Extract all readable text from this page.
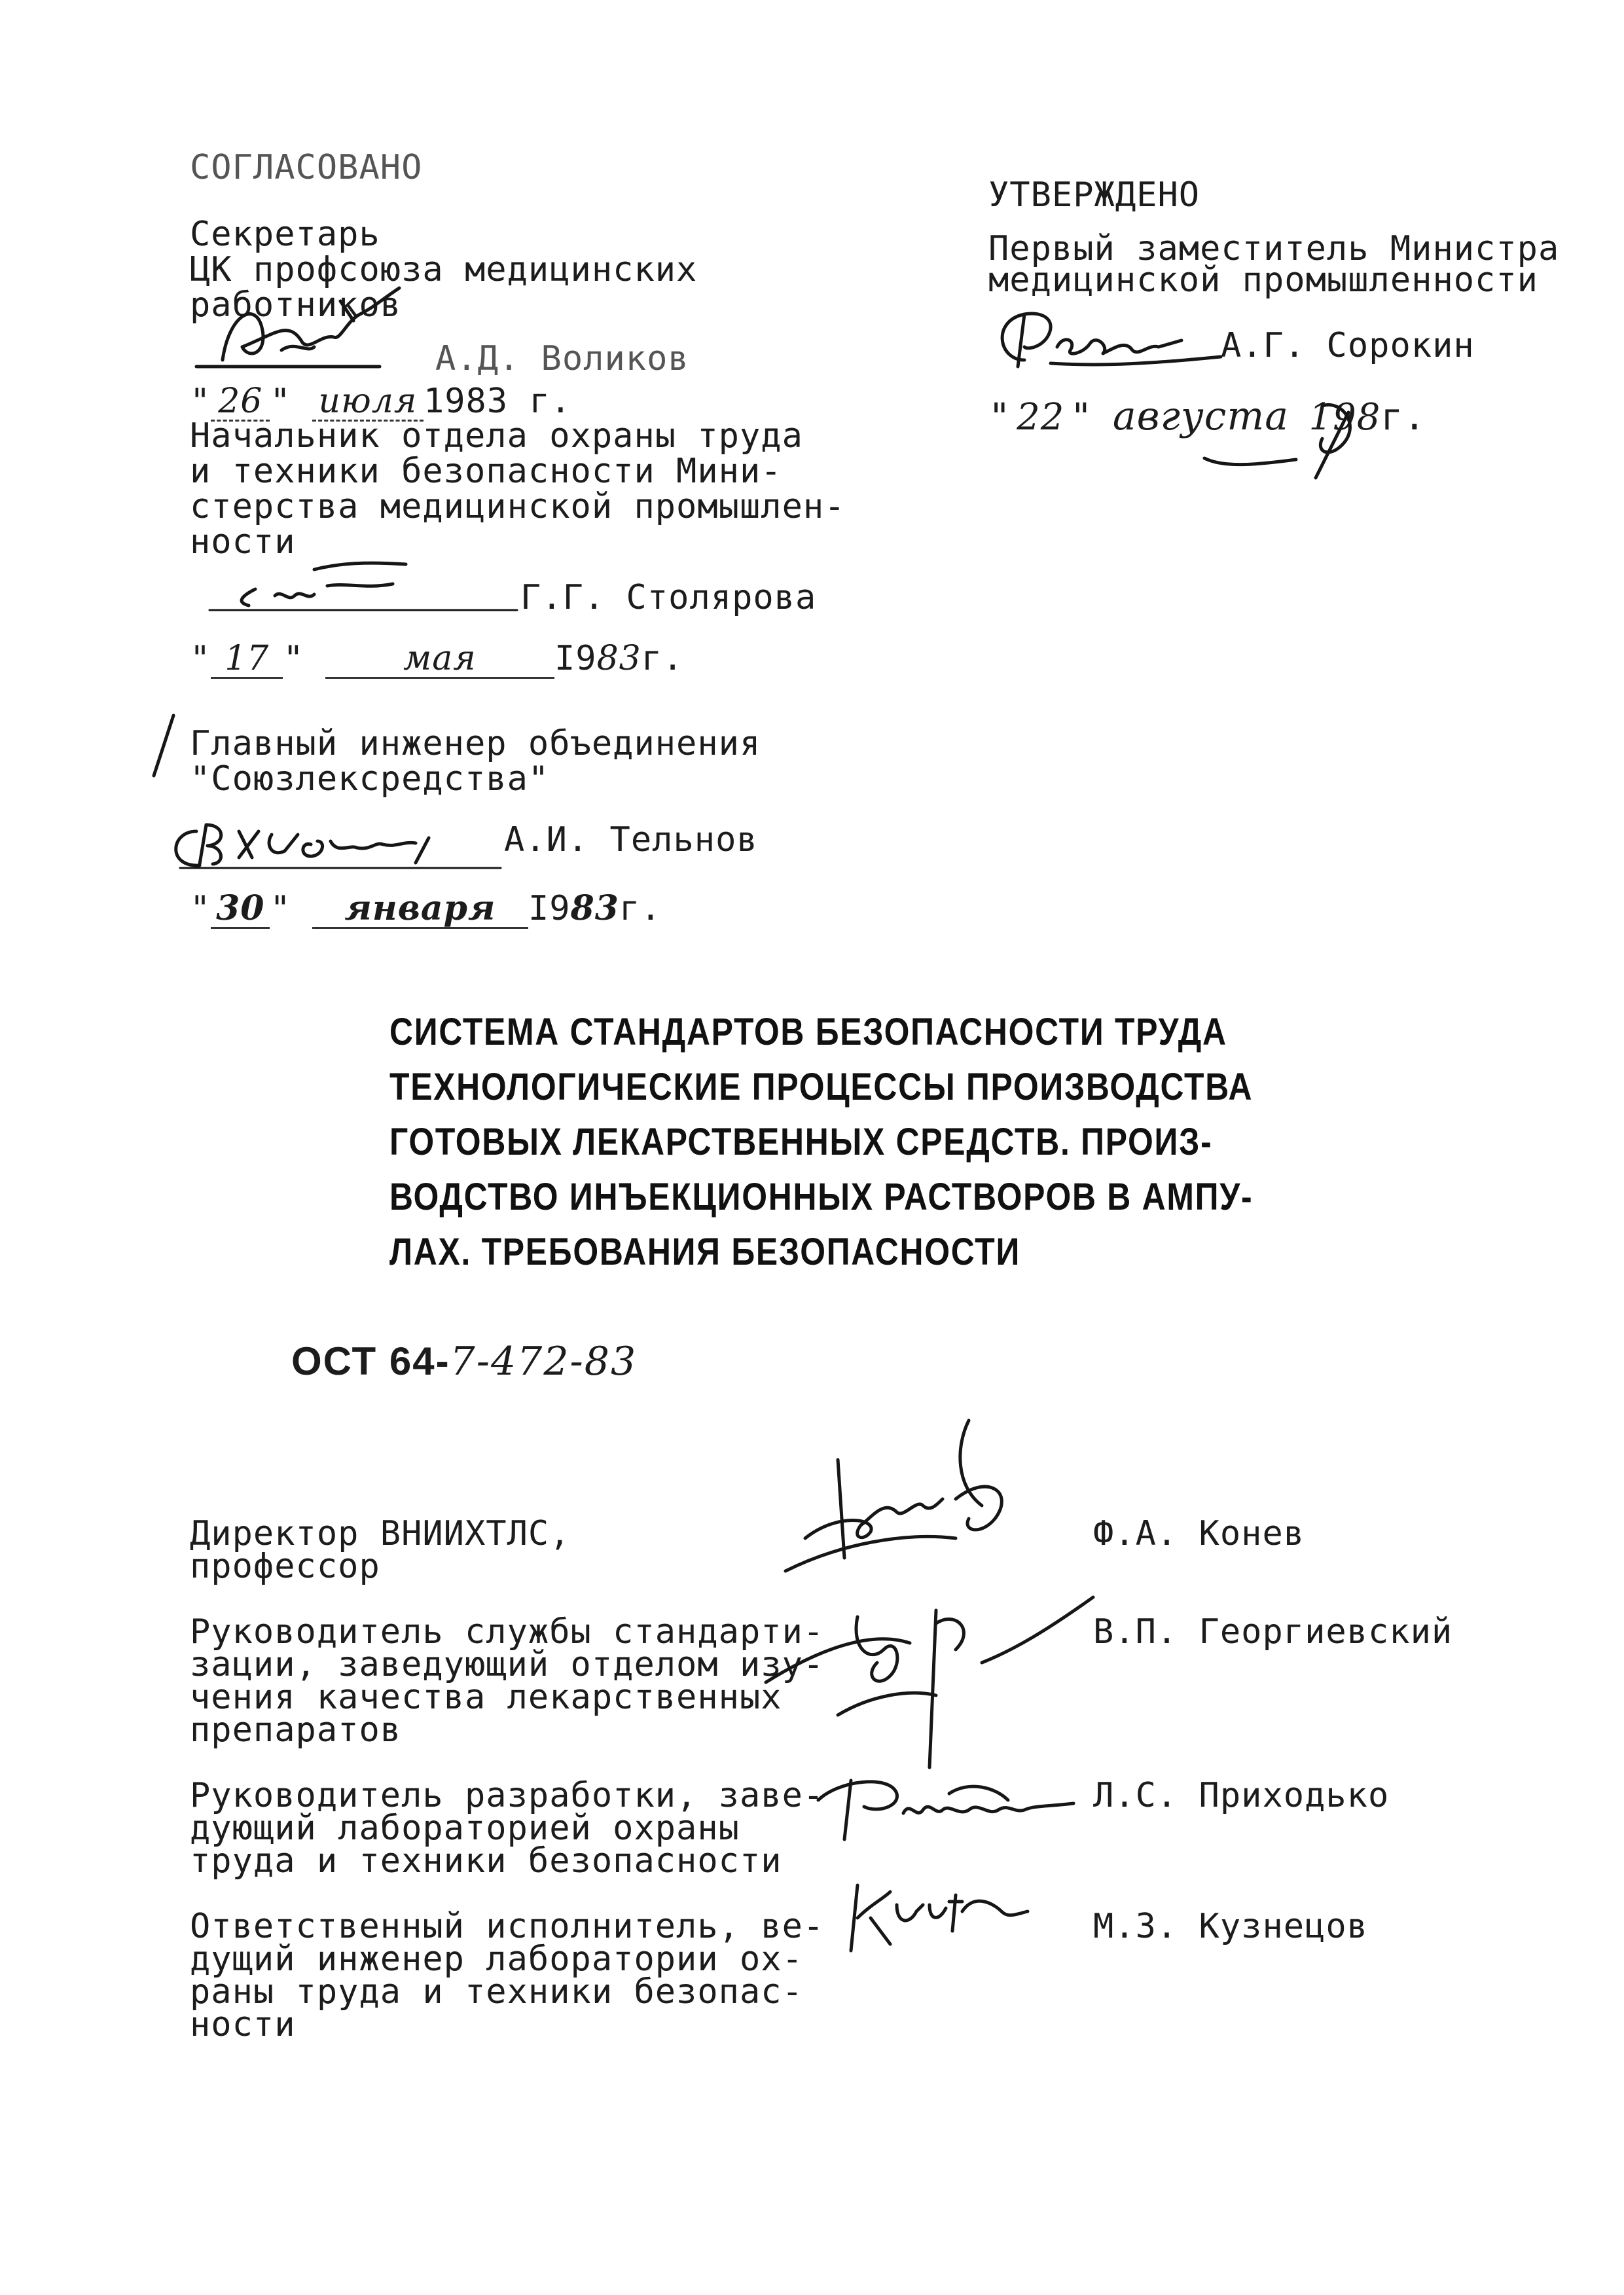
СОГЛАСОВАНО
Секретарь
ЦК профсоюза медицинских
работников
А.Д. Воликов
" 26 " июля 1983 г.
Начальник отдела охраны труда
и техники безопасности Мини-
стерства медицинской промышлен-
ности
Г.Г. Столярова
" 17 "	мая I983г.
Главный инженер объединения
"Союзлексредства"
А.И. Тельнов
" 30 " января I983г.
УТВЕРЖДЕНО
Первый заместитель Министра
медицинской промышленности
А.Г. Сорокин
" 22 " августа 198г.
СИСТЕМА СТАНДАРТОВ БЕЗОПАСНОСТИ ТРУДА
ТЕХНОЛОГИЧЕСКИЕ ПРОЦЕССЫ ПРОИЗВОДСТВА
ГОТОВЫХ ЛЕКАРСТВЕННЫХ СРЕДСТВ. ПРОИЗ-
ВОДСТВО ИНЪЕКЦИОННЫХ РАСТВОРОВ В АМПУ-
ЛАХ. ТРЕБОВАНИЯ БЕЗОПАСНОСТИ
ОСТ 64-7-472-83
Директор ВНИИХТЛС,
профессор
Ф.А. Конев
Руководитель службы стандарти-
зации, заведующий отделом изу-
чения качества лекарственных
препаратов
В.П. Георгиевский
Руководитель разработки, заве-
дующий лабораторией охраны
труда и техники безопасности
Л.С. Приходько
Ответственный исполнитель, ве-
дущий инженер лаборатории ох-
раны труда и техники безопас-
ности
М.З. Кузнецов
